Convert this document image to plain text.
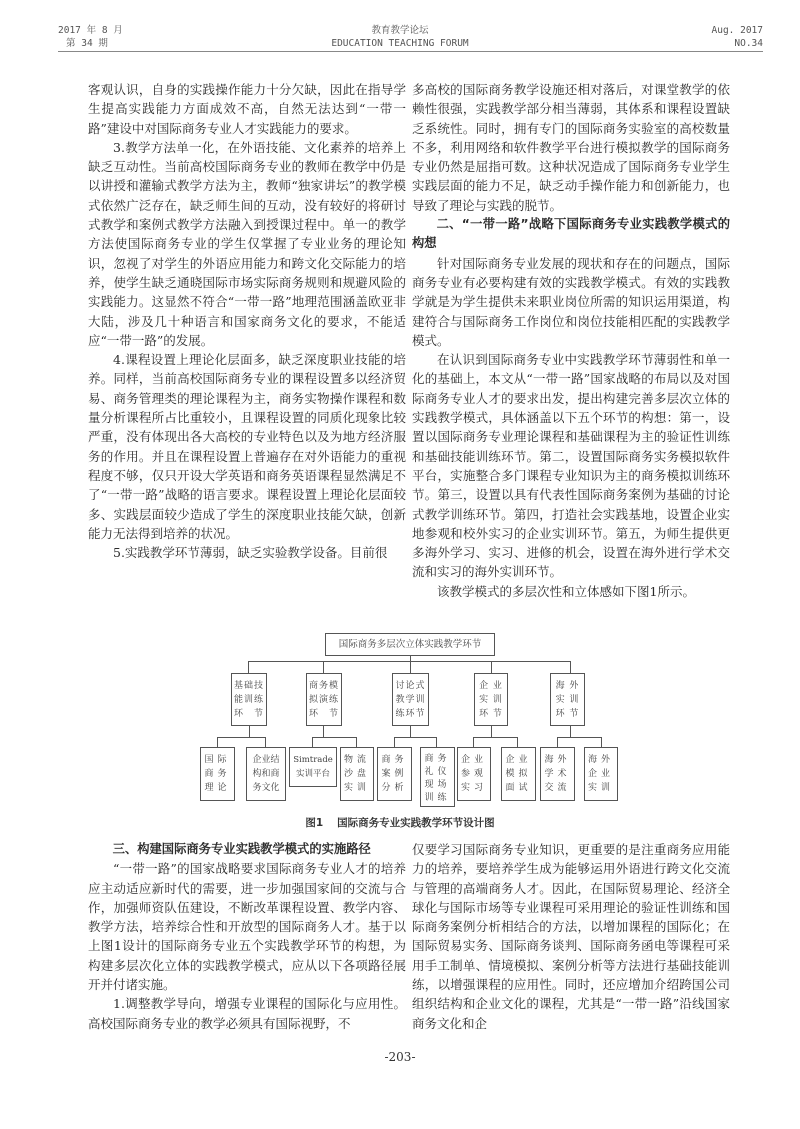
2017 年 8 月
第 34 期
教育教学论坛
EDUCATION TEACHING FORUM
Aug. 2017
NO.34

客观认识，自身的实践操作能力十分欠缺，因此在指导学生提高实践能力方面成效不高，自然无法达到“一带一路”建设中对国际商务专业人才实践能力的要求。

3.教学方法单一化，在外语技能、文化素养的培养上缺乏互动性。当前高校国际商务专业的教师在教学中仍是以讲授和灌输式教学方法为主，教师“独家讲坛”的教学模式依然广泛存在，缺乏师生间的互动，没有较好的将研讨式教学和案例式教学方法融入到授课过程中。单一的教学方法使国际商务专业的学生仅掌握了专业业务的理论知识，忽视了对学生的外语应用能力和跨文化交际能力的培养，使学生缺乏通晓国际市场实际商务规则和规避风险的实践能力。这显然不符合“一带一路”地理范围涵盖欧亚非大陆，涉及几十种语言和国家商务文化的要求，不能适应“一带一路”的发展。

4.课程设置上理论化层面多，缺乏深度职业技能的培养。同样，当前高校国际商务专业的课程设置多以经济贸易、商务管理类的理论课程为主，商务实物操作课程和数量分析课程所占比重较小，且课程设置的同质化现象比较严重，没有体现出各大高校的专业特色以及为地方经济服务的作用。并且在课程设置上普遍存在对外语能力的重视程度不够，仅只开设大学英语和商务英语课程显然满足不了“一带一路”战略的语言要求。课程设置上理论化层面较多、实践层面较少造成了学生的深度职业技能欠缺，创新能力无法得到培养的状况。

5.实践教学环节薄弱，缺乏实验教学设备。目前很

多高校的国际商务教学设施还相对落后，对课堂教学的依赖性很强，实践教学部分相当薄弱，其体系和课程设置缺乏系统性。同时，拥有专门的国际商务实验室的高校数量不多，利用网络和软件教学平台进行模拟教学的国际商务专业仍然是屈指可数。这种状况造成了国际商务专业学生实践层面的能力不足，缺乏动手操作能力和创新能力，也导致了理论与实践的脱节。

二、“一带一路”战略下国际商务专业实践教学模式的构想

针对国际商务专业发展的现状和存在的问题点，国际商务专业有必要构建有效的实践教学模式。有效的实践教学就是为学生提供未来职业岗位所需的知识运用渠道，构建符合与国际商务工作岗位和岗位技能相匹配的实践教学模式。

在认识到国际商务专业中实践教学环节薄弱性和单一化的基础上，本文从“一带一路”国家战略的布局以及对国际商务专业人才的要求出发，提出构建完善多层次立体的实践教学模式，具体涵盖以下五个环节的构想：第一，设置以国际商务专业理论课程和基础课程为主的验证性训练和基础技能训练环节。第二，设置国际商务实务模拟软件平台，实施整合多门课程专业知识为主的商务模拟训练环节。第三，设置以具有代表性国际商务案例为基础的讨论式教学训练环节。第四，打造社会实践基地，设置企业实地参观和校外实习的企业实训环节。第五，为师生提供更多海外学习、实习、进修的机会，设置在海外进行学术交流和实习的海外实训环节。

该教学模式的多层次性和立体感如下图1所示。

国际商务多层次立体实践教学环节
基础技
能训练
环　节
商务模
拟演练
环　节
讨论式
教学训
练环节
企 业
实 训
环 节
海 外
实 训
环 节
国际
商务
理论
企业结
构和商
务文化
Simtrade
实训平台
物流
沙盘
实训
商务
案例
分析
商务
礼仪
现场
训练
企业
参观
实习
企业
模拟
面试
海外
学术
交流
海外
企业
实训
图1 国际商务专业实践教学环节设计图

三、构建国际商务专业实践教学模式的实施路径

“一带一路”的国家战略要求国际商务专业人才的培养应主动适应新时代的需要，进一步加强国家间的交流与合作，加强师资队伍建设，不断改革课程设置、教学内容、教学方法，培养综合性和开放型的国际商务人才。基于以上图1设计的国际商务专业五个实践教学环节的构想，为构建多层次化立体的实践教学模式，应从以下各项路径展开并付诸实施。

1.调整教学导向，增强专业课程的国际化与应用性。高校国际商务专业的教学必须具有国际视野，不

仅要学习国际商务专业知识，更重要的是注重商务应用能力的培养，要培养学生成为能够运用外语进行跨文化交流与管理的高端商务人才。因此，在国际贸易理论、经济全球化与国际市场等专业课程可采用理论的验证性训练和国际商务案例分析相结合的方法，以增加课程的国际化；在国际贸易实务、国际商务谈判、国际商务函电等课程可采用手工制单、情境模拟、案例分析等方法进行基础技能训练，以增强课程的应用性。同时，还应增加介绍跨国公司组织结构和企业文化的课程，尤其是“一带一路”沿线国家商务文化和企

-203-
